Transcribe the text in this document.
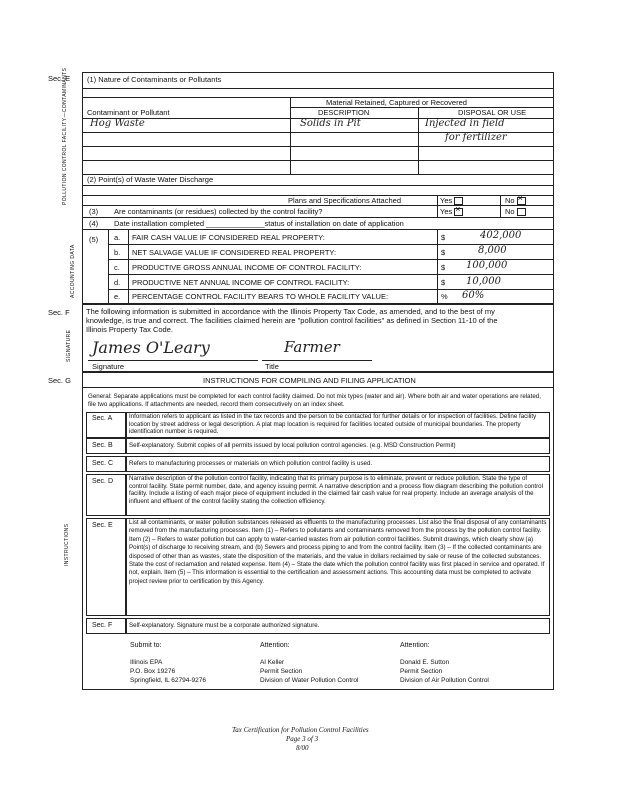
Sec. E (1) Nature of Contaminants or Pollutants
POLLUTION CONTROL FACILITY—CONTAMINANTS
ACCOUNTING DATA
Material Retained, Captured or Recovered
Contaminant or Pollutant	DESCRIPTION	DISPOSAL OR USE
Hog Waste	Solids in Pit	Injected in field
for fertilizer
(2) Point(s) of Waste Water Discharge
Plans and Specifications Attached	Yes	No×
(3) Are contaminants (or residues) collected by the control facility?	Yes×	No
(4) Date installation completed ______________status of installation on date of application
(5) a. FAIR CASH VALUE IF CONSIDERED REAL PROPERTY:	$	402,000
b. NET SALVAGE VALUE IF CONSIDERED REAL PROPERTY:	$	8,000
c. PRODUCTIVE GROSS ANNUAL INCOME OF CONTROL FACILITY:	$ 100,000
d. PRODUCTIVE NET ANNUAL INCOME OF CONTROL FACILITY:	$ 10,000
e. PERCENTAGE CONTROL FACILITY BEARS TO WHOLE FACILITY VALUE:	% 60%
Sec. F
SIGNATURE
The following information is submitted in accordance with the Illinois Property Tax Code, as amended, and to the best of my
knowledge, is true and correct. The facilities claimed herein are "pollution control facilities" as defined in Section 11-10 of the
Illinois Property Tax Code.
James O'Leary	Farmer
Signature	Title
Sec. G
INSTRUCTIONS
INSTRUCTIONS FOR COMPILING AND FILING APPLICATION
General: Separate applications must be completed for each control facility claimed. Do not mix types (water and air). Where both air and water operations are related, file two applications. If attachments are needed, record them consecutively on an index sheet.
Sec. A	Information refers to applicant as listed in the tax records and the person to be contacted for further details or for inspection of facilities. Define facility location by street address or legal description. A plat map location is required for facilities located outside of municipal boundaries. The property identification number is required.
Sec. B	Self-explanatory. Submit copies of all permits issued by local pollution control agencies. (e.g. MSD Construction Permit)
Sec. C	Refers to manufacturing processes or materials on which pollution control facility is used.
Sec. D	Narrative description of the pollution control facility, indicating that its primary purpose is to eliminate, prevent or reduce pollution. State the type of control facility. State permit number, date, and agency issuing permit. A narrative description and a process flow diagram describing the pollution control facility. Include a listing of each major piece of equipment included in the claimed fair cash value for real property. Include an average analysis of the influent and effluent of the control facility stating the collection efficiency.
Sec. E	List all contaminants, or water pollution substances released as effluents to the manufacturing processes. List also the final disposal of any contaminants removed from the manufacturing processes. Item (1) – Refers to pollutants and contaminants removed from the process by the pollution control facility. Item (2) – Refers to water pollution but can apply to water-carried wastes from air pollution control facilities. Submit drawings, which clearly show (a) Point(s) of discharge to receiving stream, and (b) Sewers and process piping to and from the control facility. Item (3) – If the collected contaminants are disposed of other than as wastes, state the disposition of the materials, and the value in dollars reclaimed by sale or reuse of the collected substances. State the cost of reclamation and related expense. Item (4) – State the date which the pollution control facility was first placed in service and operated. If not, explain. Item (5) – This information is essential to the certification and assessment actions. This accounting data must be completed to activate project review prior to certification by this Agency.
Sec. F	Self-explanatory. Signature must be a corporate authorized signature.
Submit to:	Attention:	Attention:
Illinois EPA
P.O. Box 19276
Springfield, IL 62794-9276
Al Keller
Permit Section
Division of Water Pollution Control
Donald E. Sutton
Permit Section
Division of Air Pollution Control
Tax Certification for Pollution Control Facilities
Page 3 of 3
8/00
